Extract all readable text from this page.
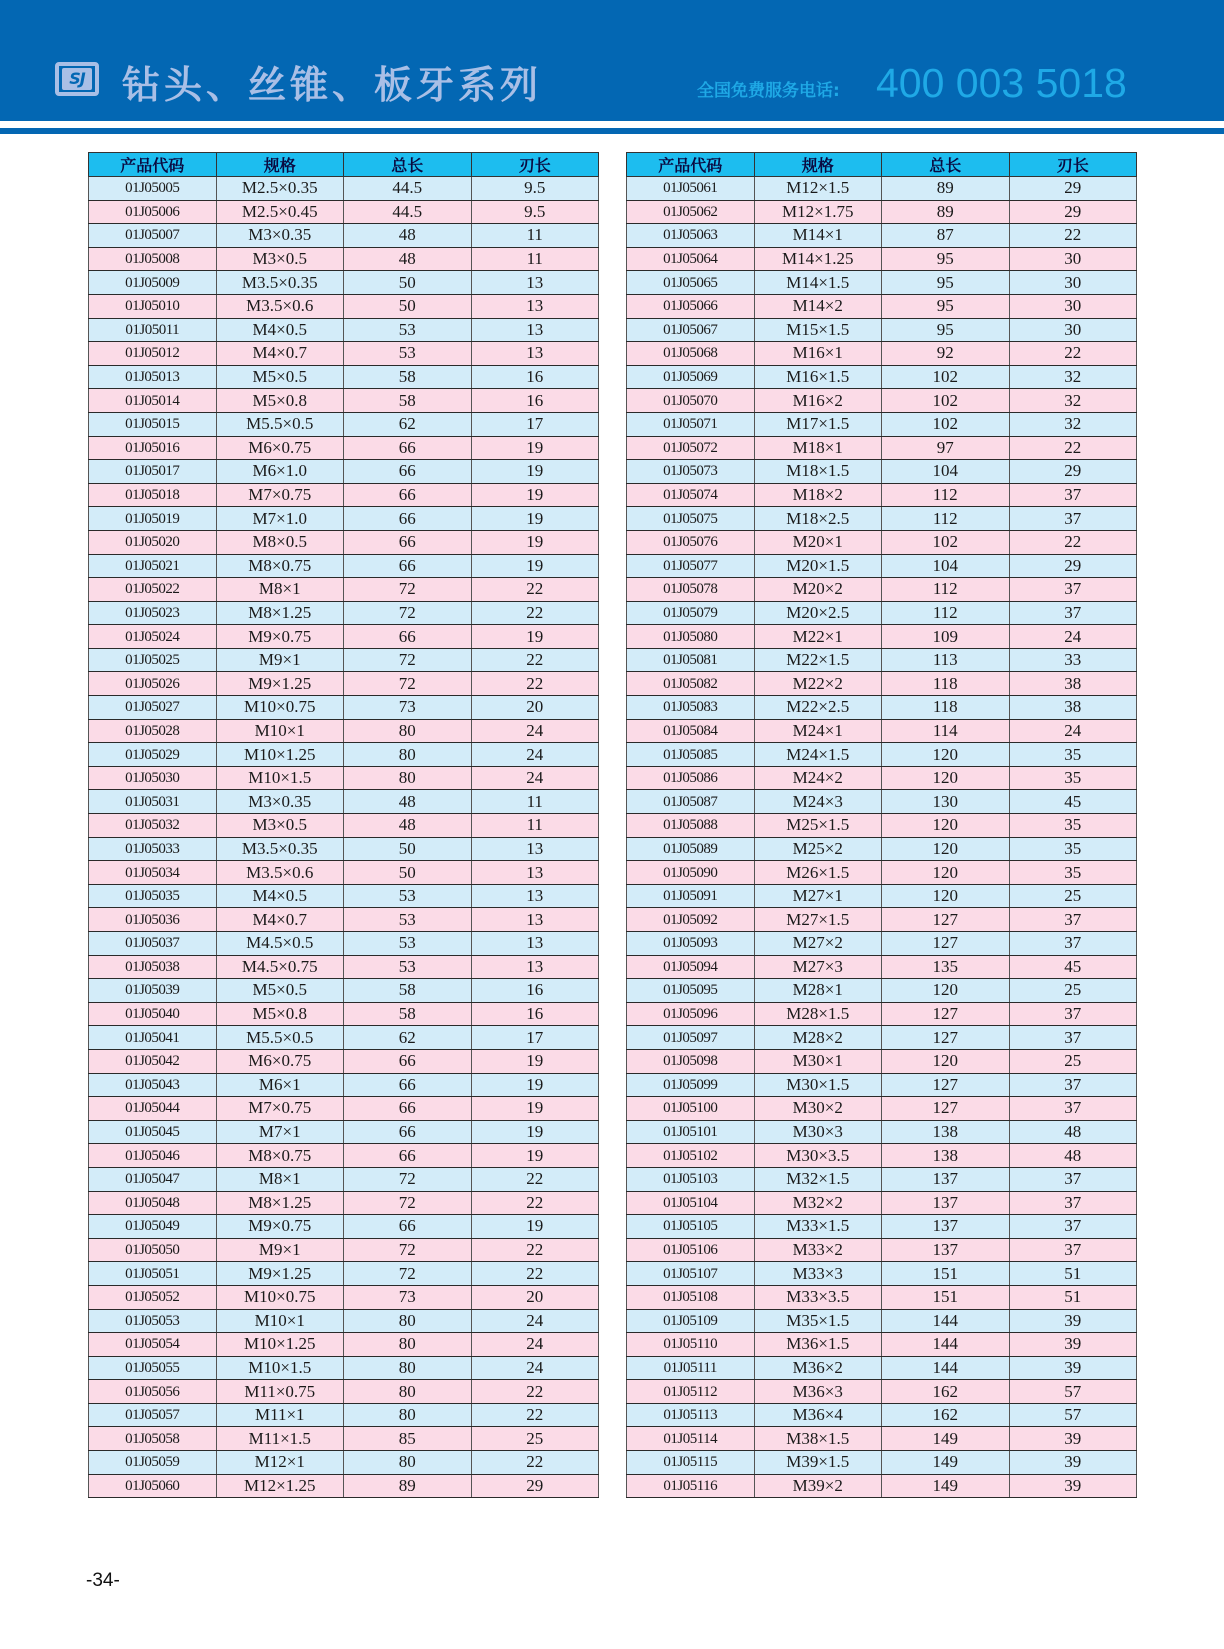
SJ 钻头、丝锥、板牙系列	全国免费服务电话: 400 003 5018
产品代码	规格	总长	刃长
01J05005	M2.5×0.35	44.5	9.5
01J05006	M2.5×0.45	44.5	9.5
01J05007	M3×0.35	48	11
01J05008	M3×0.5	48	11
01J05009	M3.5×0.35	50	13
01J05010	M3.5×0.6	50	13
01J05011	M4×0.5	53	13
01J05012	M4×0.7	53	13
01J05013	M5×0.5	58	16
01J05014	M5×0.8	58	16
01J05015	M5.5×0.5	62	17
01J05016	M6×0.75	66	19
01J05017	M6×1.0	66	19
01J05018	M7×0.75	66	19
01J05019	M7×1.0	66	19
01J05020	M8×0.5	66	19
01J05021	M8×0.75	66	19
01J05022	M8×1	72	22
01J05023	M8×1.25	72	22
01J05024	M9×0.75	66	19
01J05025	M9×1	72	22
01J05026	M9×1.25	72	22
01J05027	M10×0.75	73	20
01J05028	M10×1	80	24
01J05029	M10×1.25	80	24
01J05030	M10×1.5	80	24
01J05031	M3×0.35	48	11
01J05032	M3×0.5	48	11
01J05033	M3.5×0.35	50	13
01J05034	M3.5×0.6	50	13
01J05035	M4×0.5	53	13
01J05036	M4×0.7	53	13
01J05037	M4.5×0.5	53	13
01J05038	M4.5×0.75	53	13
01J05039	M5×0.5	58	16
01J05040	M5×0.8	58	16
01J05041	M5.5×0.5	62	17
01J05042	M6×0.75	66	19
01J05043	M6×1	66	19
01J05044	M7×0.75	66	19
01J05045	M7×1	66	19
01J05046	M8×0.75	66	19
01J05047	M8×1	72	22
01J05048	M8×1.25	72	22
01J05049	M9×0.75	66	19
01J05050	M9×1	72	22
01J05051	M9×1.25	72	22
01J05052	M10×0.75	73	20
01J05053	M10×1	80	24
01J05054	M10×1.25	80	24
01J05055	M10×1.5	80	24
01J05056	M11×0.75	80	22
01J05057	M11×1	80	22
01J05058	M11×1.5	85	25
01J05059	M12×1	80	22
01J05060	M12×1.25	89	29
产品代码	规格	总长	刃长
01J05061	M12×1.5	89	29
01J05062	M12×1.75	89	29
01J05063	M14×1	87	22
01J05064	M14×1.25	95	30
01J05065	M14×1.5	95	30
01J05066	M14×2	95	30
01J05067	M15×1.5	95	30
01J05068	M16×1	92	22
01J05069	M16×1.5	102	32
01J05070	M16×2	102	32
01J05071	M17×1.5	102	32
01J05072	M18×1	97	22
01J05073	M18×1.5	104	29
01J05074	M18×2	112	37
01J05075	M18×2.5	112	37
01J05076	M20×1	102	22
01J05077	M20×1.5	104	29
01J05078	M20×2	112	37
01J05079	M20×2.5	112	37
01J05080	M22×1	109	24
01J05081	M22×1.5	113	33
01J05082	M22×2	118	38
01J05083	M22×2.5	118	38
01J05084	M24×1	114	24
01J05085	M24×1.5	120	35
01J05086	M24×2	120	35
01J05087	M24×3	130	45
01J05088	M25×1.5	120	35
01J05089	M25×2	120	35
01J05090	M26×1.5	120	35
01J05091	M27×1	120	25
01J05092	M27×1.5	127	37
01J05093	M27×2	127	37
01J05094	M27×3	135	45
01J05095	M28×1	120	25
01J05096	M28×1.5	127	37
01J05097	M28×2	127	37
01J05098	M30×1	120	25
01J05099	M30×1.5	127	37
01J05100	M30×2	127	37
01J05101	M30×3	138	48
01J05102	M30×3.5	138	48
01J05103	M32×1.5	137	37
01J05104	M32×2	137	37
01J05105	M33×1.5	137	37
01J05106	M33×2	137	37
01J05107	M33×3	151	51
01J05108	M33×3.5	151	51
01J05109	M35×1.5	144	39
01J05110	M36×1.5	144	39
01J05111	M36×2	144	39
01J05112	M36×3	162	57
01J05113	M36×4	162	57
01J05114	M38×1.5	149	39
01J05115	M39×1.5	149	39
01J05116	M39×2	149	39
-34-
